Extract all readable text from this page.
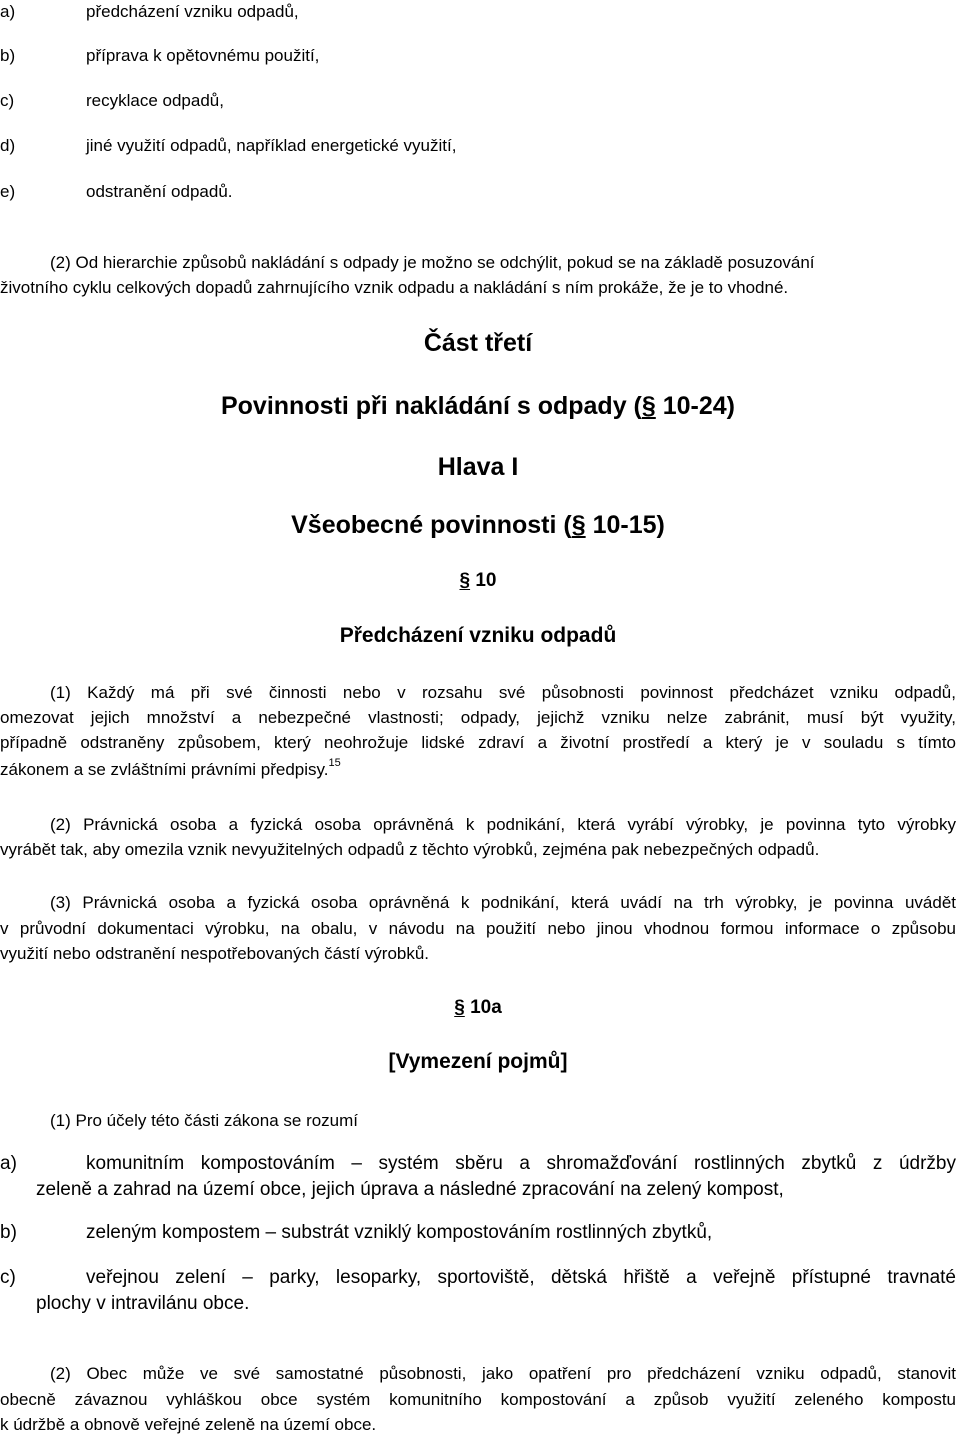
a)	předcházení vzniku odpadů,
b)	příprava k opětovnému použití,
c)	recyklace odpadů,
d)	jiné využití odpadů, například energetické využití,
e)	odstranění odpadů.
(2) Od hierarchie způsobů nakládání s odpady je možno se odchýlit, pokud se na základě posuzování
životního cyklu celkových dopadů zahrnujícího vznik odpadu a nakládání s ním prokáže, že je to vhodné.
Část třetí
Povinnosti při nakládání s odpady (§ 10-24)
Hlava I
Všeobecné povinnosti (§ 10-15)
§ 10
Předcházení vzniku odpadů
(1) Každý má při své činnosti nebo v rozsahu své působnosti povinnost předcházet vzniku odpadů,
omezovat jejich množství a nebezpečné vlastnosti; odpady, jejichž vzniku nelze zabránit, musí být využity,
případně odstraněny způsobem, který neohrožuje lidské zdraví a životní prostředí a který je v souladu s tímto
zákonem a se zvláštními právními předpisy.$^{15}$
(2) Právnická osoba a fyzická osoba oprávněná k podnikání, která vyrábí výrobky, je povinna tyto výrobky
vyrábět tak, aby omezila vznik nevyužitelných odpadů z těchto výrobků, zejména pak nebezpečných odpadů.
(3) Právnická osoba a fyzická osoba oprávněná k podnikání, která uvádí na trh výrobky, je povinna uvádět
v průvodní dokumentaci výrobku, na obalu, v návodu na použití nebo jinou vhodnou formou informace o způsobu
využití nebo odstranění nespotřebovaných částí výrobků.
§ 10a
[Vymezení pojmů]
(1) Pro účely této části zákona se rozumí
a)	komunitním kompostováním – systém sběru a shromažďování rostlinných zbytků z údržby
zeleně a zahrad na území obce, jejich úprava a následné zpracování na zelený kompost,
b)	zeleným kompostem – substrát vzniklý kompostováním rostlinných zbytků,
c)	veřejnou zelení – parky, lesoparky, sportoviště, dětská hřiště a veřejně přístupné travnaté
plochy v intravilánu obce.
(2) Obec může ve své samostatné působnosti, jako opatření pro předcházení vzniku odpadů, stanovit
obecně závaznou vyhláškou obce systém komunitního kompostování a způsob využití zeleného kompostu
k údržbě a obnově veřejné zeleně na území obce.
